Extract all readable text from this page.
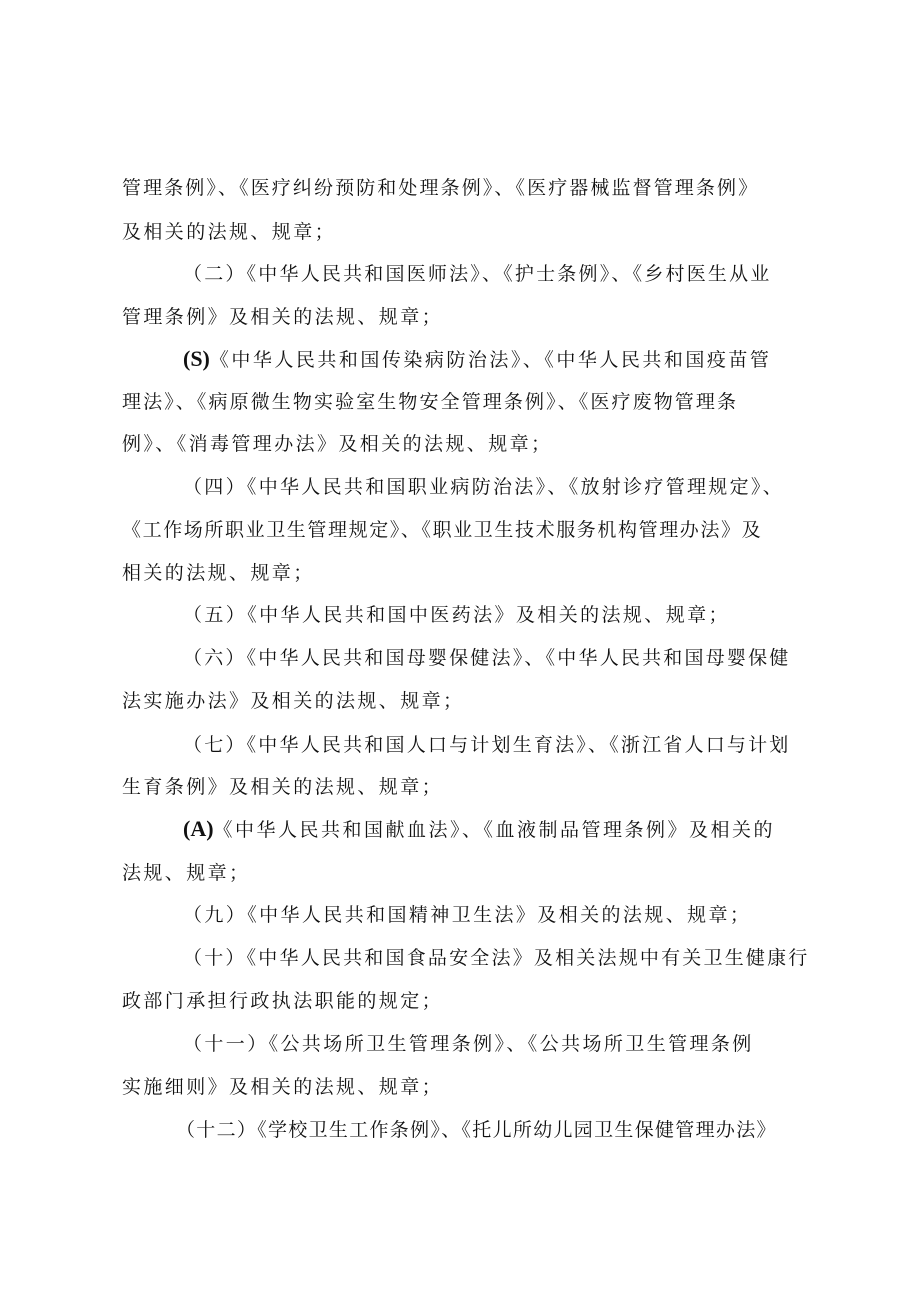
管理条例》、《医疗纠纷预防和处理条例》、《医疗器械监督管理条例》
及相关的法规、规章；
（二）《中华人民共和国医师法》、《护士条例》、《乡村医生从业
管理条例》及相关的法规、规章；
(S)《中华人民共和国传染病防治法》、《中华人民共和国疫苗管
理法》、《病原微生物实验室生物安全管理条例》、《医疗废物管理条
例》、《消毒管理办法》及相关的法规、规章；
（四）《中华人民共和国职业病防治法》、《放射诊疗管理规定》、
《工作场所职业卫生管理规定》、《职业卫生技术服务机构管理办法》及
相关的法规、规章；
（五）《中华人民共和国中医药法》及相关的法规、规章；
（六）《中华人民共和国母婴保健法》、《中华人民共和国母婴保健
法实施办法》及相关的法规、规章；
（七）《中华人民共和国人口与计划生育法》、《浙江省人口与计划
生育条例》及相关的法规、规章；
(A)《中华人民共和国献血法》、《血液制品管理条例》及相关的
法规、规章；
（九）《中华人民共和国精神卫生法》及相关的法规、规章；
（十）《中华人民共和国食品安全法》及相关法规中有关卫生健康行
政部门承担行政执法职能的规定；
（十一）《公共场所卫生管理条例》、《公共场所卫生管理条例
实施细则》及相关的法规、规章；
（十二）《学校卫生工作条例》、《托儿所幼儿园卫生保健管理办法》
